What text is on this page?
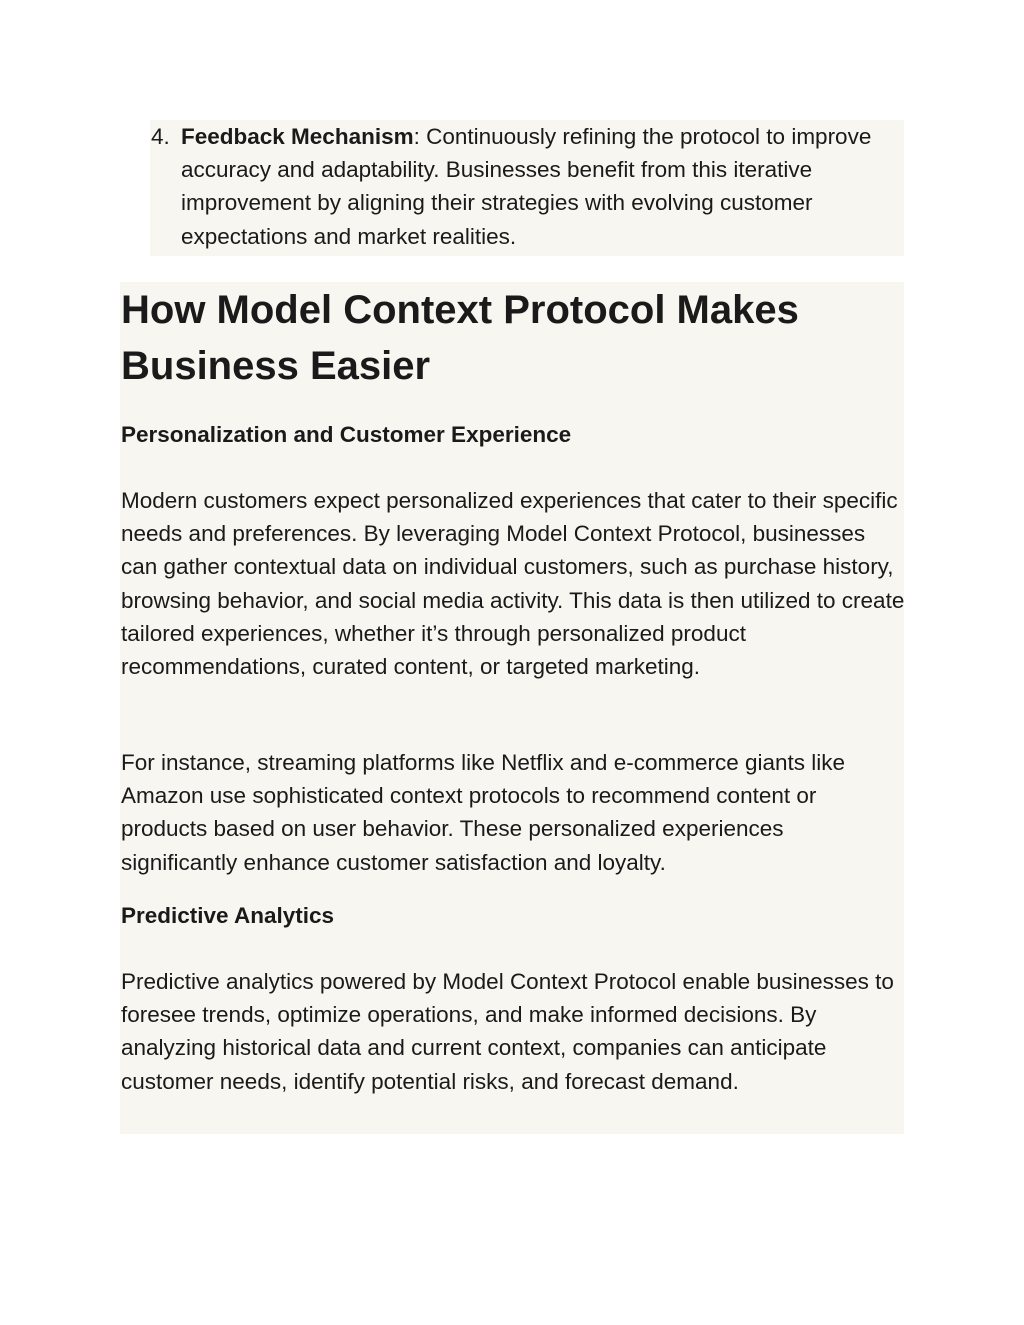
4. Feedback Mechanism: Continuously refining the protocol to improve accuracy and adaptability. Businesses benefit from this iterative improvement by aligning their strategies with evolving customer expectations and market realities.
How Model Context Protocol Makes Business Easier
Personalization and Customer Experience

Modern customers expect personalized experiences that cater to their specific needs and preferences. By leveraging Model Context Protocol, businesses can gather contextual data on individual customers, such as purchase history, browsing behavior, and social media activity. This data is then utilized to create tailored experiences, whether it’s through personalized product recommendations, curated content, or targeted marketing.

For instance, streaming platforms like Netflix and e-commerce giants like Amazon use sophisticated context protocols to recommend content or products based on user behavior. These personalized experiences significantly enhance customer satisfaction and loyalty.

Predictive Analytics

Predictive analytics powered by Model Context Protocol enable businesses to foresee trends, optimize operations, and make informed decisions. By analyzing historical data and current context, companies can anticipate customer needs, identify potential risks, and forecast demand.
